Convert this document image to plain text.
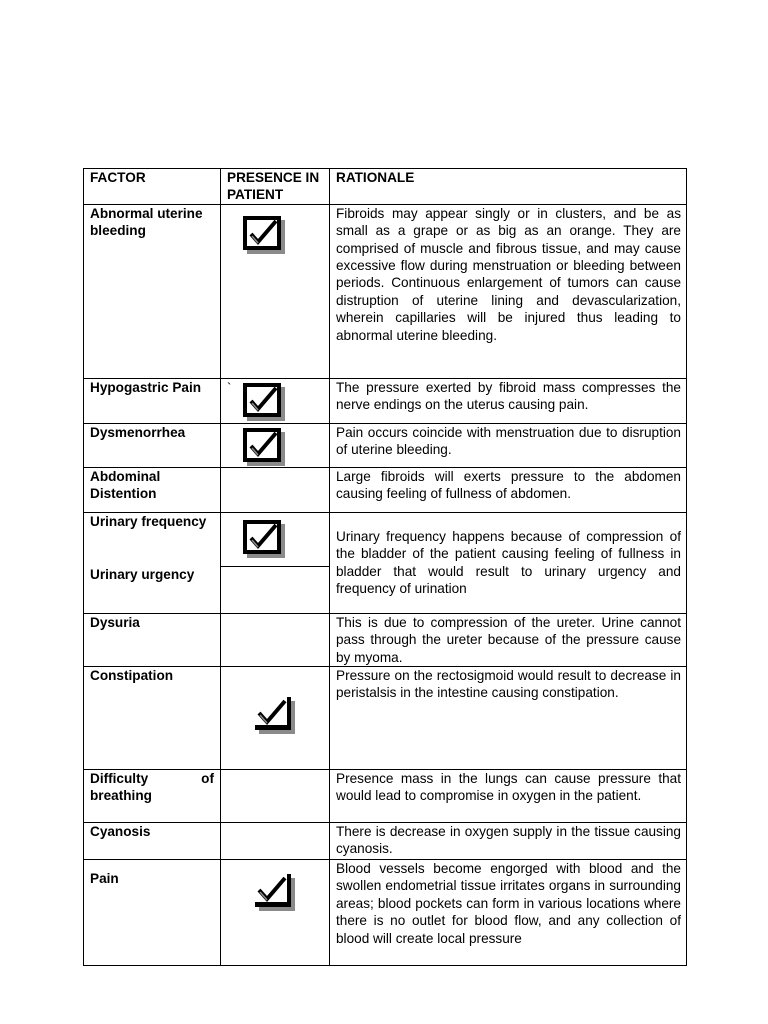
FACTOR	PRESENCE IN PATIENT	RATIONALE
Abnormal uterine bleeding		Fibroids may appear singly or in clusters, and be as small as a grape or as big as an orange. They are comprised of muscle and fibrous tissue, and may cause excessive flow during menstruation or bleeding between periods. Continuous enlargement of tumors can cause distruption of uterine lining and devascularization, wherein capillaries will be injured thus leading to abnormal uterine bleeding.
Hypogastric Pain	`	The pressure exerted by fibroid mass compresses the nerve endings on the uterus causing pain.
Dysmenorrhea		Pain occurs coincide with menstruation due to disruption of uterine bleeding.
Abdominal Distention		Large fibroids will exerts pressure to the abdomen causing feeling of fullness of abdomen.
Urinary frequency		Urinary frequency happens because of compression of the bladder of the patient causing feeling of fullness in bladder that would result to urinary urgency and frequency of urination

Urinary urgency		
Dysuria		This is due to compression of the ureter. Urine cannot pass through the ureter because of the pressure cause by myoma.
Constipation		Pressure on the rectosigmoid would result to decrease in peristalsis in the intestine causing constipation.

Difficulty of breathing		Presence mass in the lungs can cause pressure that would lead to compromise in oxygen in the patient.
Cyanosis		There is decrease in oxygen supply in the tissue causing cyanosis.

Pain		Blood vessels become engorged with blood and the swollen endometrial tissue irritates organs in surrounding areas; blood pockets can form in various locations where there is no outlet for blood flow, and any collection of blood will create local pressure
